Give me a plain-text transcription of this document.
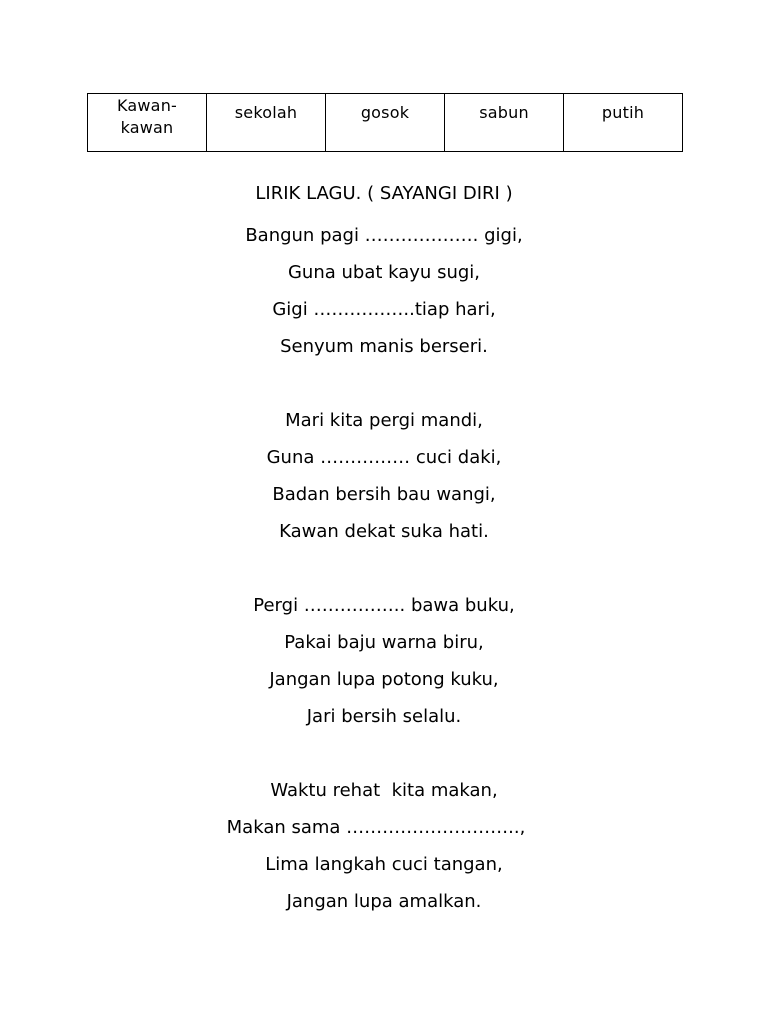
Kawan-
kawan	sekolah	gosok	sabun	putih
LIRIK LAGU. ( SAYANGI DIRI )
Bangun pagi ………………. gigi,
Guna ubat kayu sugi,
Gigi ……………..tiap hari,
Senyum manis berseri.
Mari kita pergi mandi,
Guna …………… cuci daki,
Badan bersih bau wangi,
Kawan dekat suka hati.
Pergi …………….. bawa buku,
Pakai baju warna biru,
Jangan lupa potong kuku,
Jari bersih selalu.
Waktu rehat  kita makan,
Makan sama ………………………..,
Lima langkah cuci tangan,
Jangan lupa amalkan.
